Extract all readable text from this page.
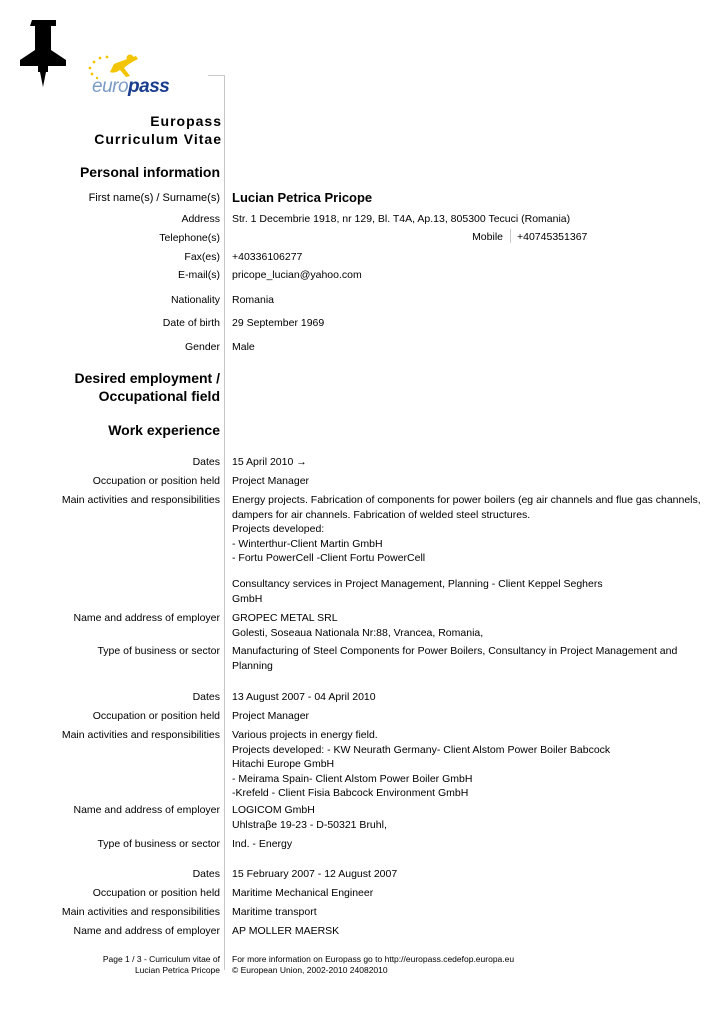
europass
Europass
Curriculum Vitae
Personal information
First name(s) / Surname(s) Lucian Petrica Pricope
Address Str. 1 Decembrie 1918, nr 129, Bl. T4A, Ap.13, 805300 Tecuci (Romania)
Telephone(s)	Mobile +40745351367
Fax(es) +40336106277
E-mail(s) pricope_lucian@yahoo.com
Nationality Romania
Date of birth 29 September 1969
Gender Male
Desired employment /
Occupational field
Work experience
Dates 15 April 2010 →
Occupation or position held Project Manager
Main activities and responsibilities Energy projects. Fabrication of components for power boilers (eg air channels and flue gas channels,
dampers for air channels. Fabrication of welded steel structures.
Projects developed:
- Winterthur-Client Martin GmbH
- Fortu PowerCell -Client Fortu PowerCell
Consultancy services in Project Management, Planning - Client Keppel Seghers
GmbH
Name and address of employer GROPEC METAL SRL
Golesti, Soseaua Nationala Nr:88, Vrancea, Romania,
Type of business or sector Manufacturing of Steel Components for Power Boilers, Consultancy in Project Management and
Planning
Dates 13 August 2007 - 04 April 2010
Occupation or position held Project Manager
Main activities and responsibilities Various projects in energy field.
Projects developed: - KW Neurath Germany- Client Alstom Power Boiler Babcock
Hitachi Europe GmbH
- Meirama Spain- Client Alstom Power Boiler GmbH
-Krefeld - Client Fisia Babcock Environment GmbH
Name and address of employer LOGICOM GmbH
Uhlstraβe 19-23 - D-50321 Bruhl,
Type of business or sector Ind. - Energy
Dates 15 February 2007 - 12 August 2007
Occupation or position held Maritime Mechanical Engineer
Main activities and responsibilities Maritime transport
Name and address of employer AP MOLLER MAERSK
Page 1 / 3 - Curriculum vitae of
Lucian Petrica Pricope
For more information on Europass go to http://europass.cedefop.europa.eu
© European Union, 2002-2010 24082010
